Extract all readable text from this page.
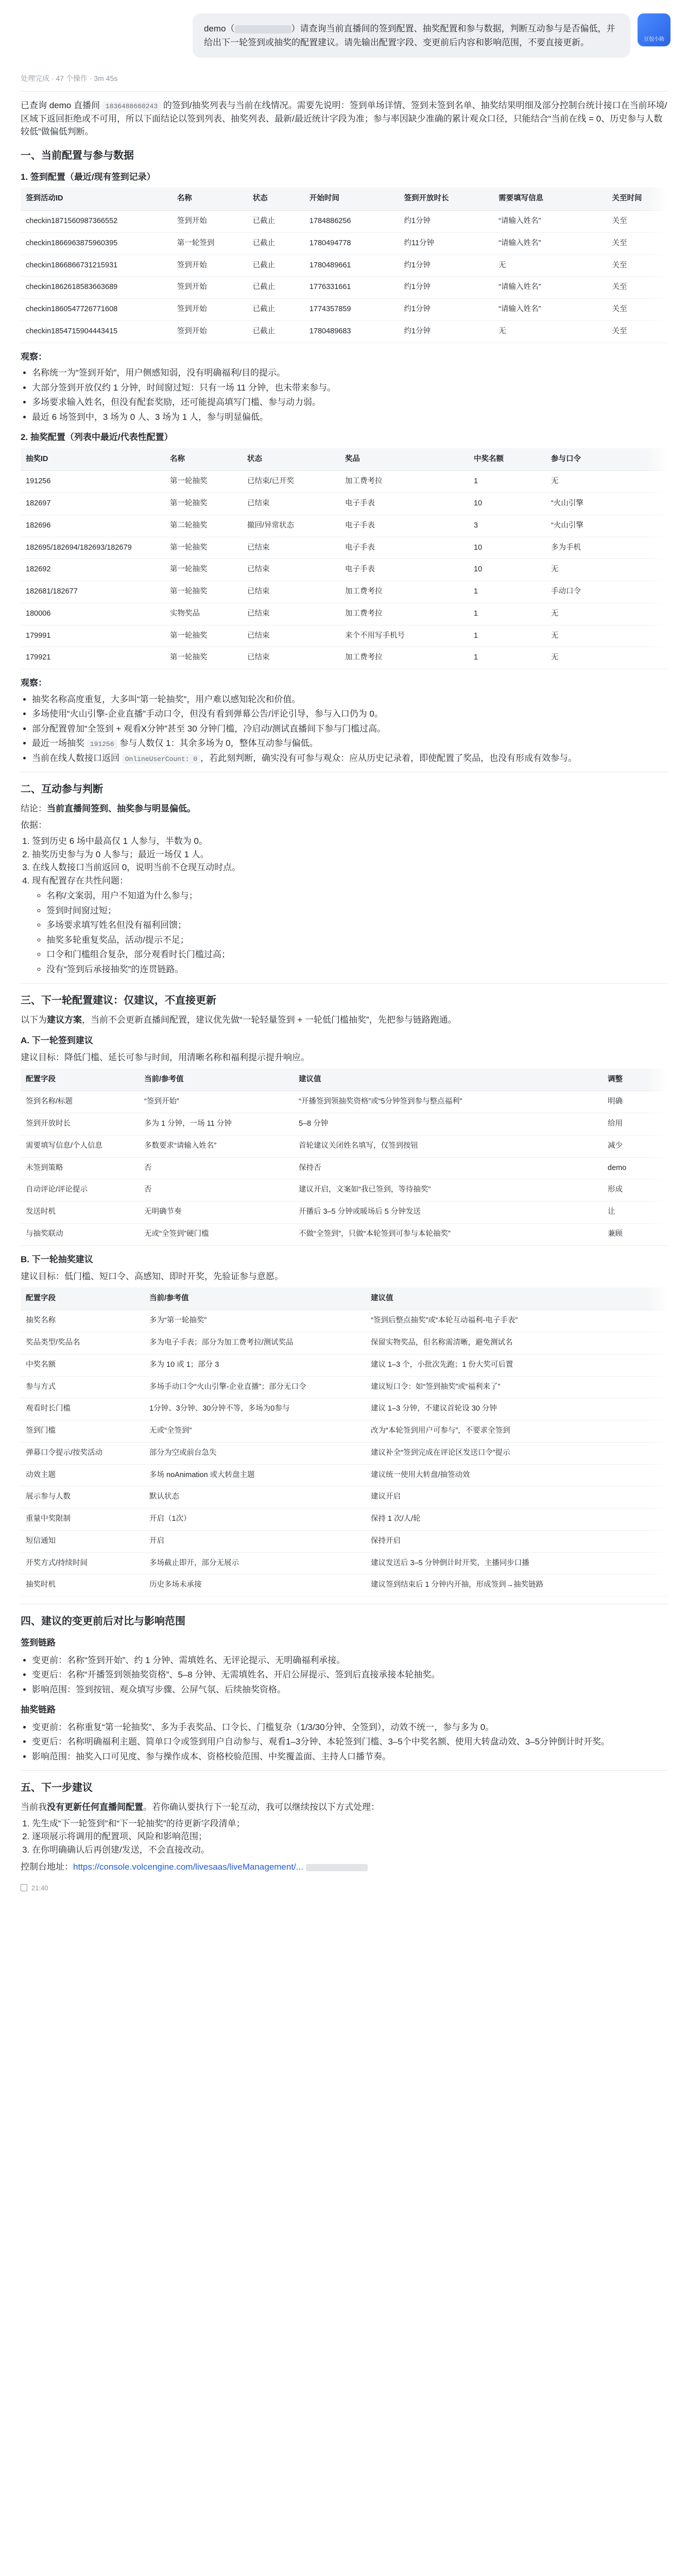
demo（	）请查询当前直播间的签到配置、抽奖配置和参与数据，判断互动参与是否偏低，并给出下一轮签到或抽奖的配置建议。请先输出配置字段、变更前后内容和影响范围，不要直接更新。	豆包小助
处理完成 · 47 个操作 · 3m 45s

已查询 demo 直播间 1836488660243 的签到/抽奖列表与当前在线情况。需要先说明：签到单场详情、签到未签到名单、抽奖结果明细及部分控制台统计接口在当前环境/区域下返回拒绝或不可用，所以下面结论以签到列表、抽奖列表、最新/最近统计字段为准；参与率因缺少准确的累计观众口径，只能结合“当前在线 = 0、历史参与人数较低”做偏低判断。

一、当前配置与参与数据
1. 签到配置（最近/现有签到记录）
签到活动ID	名称	状态	开始时间	签到开放时长	需要填写信息	关至时间
checkin1871560987366552	签到开始	已截止	1784886256	约1分钟	“请输入姓名”	关至
checkin1866963875960395	第一轮签到	已截止	1780494778	约11分钟	“请输入姓名”	关至
checkin1866866731215931	签到开始	已截止	1780489661	约1分钟	无	关至
checkin1862618583663689	签到开始	已截止	1776331661	约1分钟	“请输入姓名”	关至
checkin1860547726771608	签到开始	已截止	1774357859	约1分钟	“请输入姓名”	关至
checkin1854715904443415	签到开始	已截止	1780489683	约1分钟	无	关至

观察：

• 名称统一为“签到开始”，用户侧感知弱，没有明确福利/目的提示。
• 大部分签到开放仅约 1 分钟，时间窗过短：只有一场 11 分钟，也未带来参与。
• 多场要求输入姓名，但没有配套奖励，还可能提高填写门槛、参与动力弱。
• 最近 6 场签到中，3 场为 0 人、3 场为 1 人，参与明显偏低。
2. 抽奖配置（列表中最近/代表性配置）
抽奖ID	名称	状态	奖品	中奖名额	参与口令
191256	第一轮抽奖	已结束/已开奖	加工费考拉	1	无
182697	第一轮抽奖	已结束	电子手表	10	“火山引擎
182696	第二轮抽奖	撤回/异常状态	电子手表	3	“火山引擎
182695/182694/182693/182679	第一轮抽奖	已结束	电子手表	10	多为手机
182692	第一轮抽奖	已结束	电子手表	10	无
182681/182677	第一轮抽奖	已结束	加工费考拉	1	手动口令
180006	实物奖品	已结束	加工费考拉	1	无
179991	第一轮抽奖	已结束	来个不用写手机号	1	无
179921	第一轮抽奖	已结束	加工费考拉	1	无

观察：

• 抽奖名称高度重复，大多叫“第一轮抽奖”，用户难以感知轮次和价值。
• 多场使用“火山引擎-企业直播”手动口令，但没有看到弹幕公告/评论引导，参与入口仍为 0。
• 部分配置曾加“全签到 + 观看X分钟”甚至 30 分钟门槛，冷启动/测试直播间下参与门槛过高。
• 最近一场抽奖 191256 参与人数仅 1：其余多场为 0，整体互动参与偏低。
• 当前在线人数接口返回 OnlineUserCount: 0 ，若此刻判断，确实没有可参与观众：应从历史记录着，即使配置了奖品，也没有形成有效参与。
二、互动参与判断

结论：当前直播间签到、抽奖参与明显偏低。

依据：

1. 签到历史 6 场中最高仅 1 人参与，半数为 0。
2. 抽奖历史参与为 0 人参与；最近一场仅 1 人。
3. 在线人数接口当前返回 0，说明当前不仓现互动时点。
4. 现有配置存在共性问题：
◦ 名称/文案弱，用户不知道为什么参与；
◦ 签到时间窗过短；
◦ 多场要求填写姓名但没有福利回馈；
◦ 抽奖多轮重复奖品，活动/提示不足；
◦ 口令和门槛组合复杂，部分观看时长门槛过高；
◦ 没有“签到后承接抽奖”的连贯链路。
三、下一轮配置建议：仅建议，不直接更新

以下为建议方案，当前不会更新直播间配置，建议优先做“一轮轻量签到 + 一轮低门槛抽奖”，先把参与链路跑通。

A. 下一轮签到建议

建议目标：降低门槛、延长可参与时间，用清晰名称和福利提示提升响应。

配置字段	当前/参考值	建议值	调整
签到名称/标题	“签到开始”	“开播签到领抽奖资格”或“5分钟签到参与整点福利”	明确
签到开放时长	多为 1 分钟，一场 11 分钟	5–8 分钟	给用
需要填写信息/个人信息	多数要求“请输入姓名”	首轮建议关闭姓名填写，仅签到按钮	减少
未签到策略	否	保持否	demo
自动评论/评论提示	否	建议开启，文案如“我已签到，等待抽奖”	形成
发送时机	无明确节奏	开播后 3–5 分钟或暖场后 5 分钟发送	让
与抽奖联动	无或“全签到”硬门槛	不做“全签到”，只做“本轮签到可参与本轮抽奖”	兼顾
B. 下一轮抽奖建议

建议目标：低门槛、短口令、高感知、即时开奖，先验证参与意愿。

配置字段	当前/参考值	建议值
抽奖名称	多为“第一轮抽奖”	“签到后整点抽奖”或“本轮互动福利-电子手表”
奖品类型/奖品名	多为电子手表；部分为加工费考拉/测试奖品	保留实物奖品，但名称需清晰，避免测试名
中奖名额	多为 10 或 1；部分 3	建议 1–3 个，小批次先跑；1 份大奖可后置
参与方式	多场手动口令“火山引擎-企业直播”；部分无口令	建议短口令：如“签到抽奖”或“福利来了”
观看时长门槛	1分钟、3分钟、30分钟不等，多场为0参与	建议 1–3 分钟，不建议首轮设 30 分钟
签到门槛	无或“全签到”	改为“本轮签到用户可参与”，不要求全签到
弹幕口令提示/按奖活动	部分为空或前台急失	建议补全“签到完成在评论区发送口令”提示
动效主题	多场 noAnimation 或大转盘主题	建议统一使用大转盘/抽签动效
展示参与人数	默认状态	建议开启
重量中奖限制	开启（1次）	保持 1 次/人/轮
短信通知	开启	保持开启
开奖方式/持续时间	多场截止即开，部分无展示	建议发送后 3–5 分钟倒计时开奖，主播同步口播
抽奖时机	历史多场未承接	建议签到结束后 1 分钟内开抽，形成签到→抽奖链路
四、建议的变更前后对比与影响范围
签到链路
• 变更前：名称“签到开始”、约 1 分钟、需填姓名、无评论提示、无明确福利承接。
• 变更后：名称“开播签到领抽奖资格”、5–8 分钟、无需填姓名、开启公屏提示、签到后直接承接本轮抽奖。
• 影响范围：签到按钮、观众填写步骤、公屏气氛、后续抽奖资格。
抽奖链路
• 变更前：名称重复“第一轮抽奖”、多为手表奖品、口令长、门槛复杂（1/3/30分钟、全签到），动效不统一，参与多为 0。
• 变更后：名称明确福利主题、简单口令或签到用户自动参与、观看1–3分钟、本轮签到门槛、3–5个中奖名额、使用大转盘动效、3–5分钟倒计时开奖。
• 影响范围：抽奖入口可见度、参与操作成本、资格校验范围、中奖覆盖面、主持人口播节奏。
五、下一步建议

当前我没有更新任何直播间配置。若你确认要执行下一轮互动，我可以继续按以下方式处理：

1. 先生成“下一轮签到”和“下一轮抽奖”的待更新字段清单；
2. 逐项展示将调用的配置项、风险和影响范围；
3. 在你明确确认后再创建/发送，不会直接改动。

控制台地址：https://console.volcengine.com/livesaas/liveManagement/...

21:40
